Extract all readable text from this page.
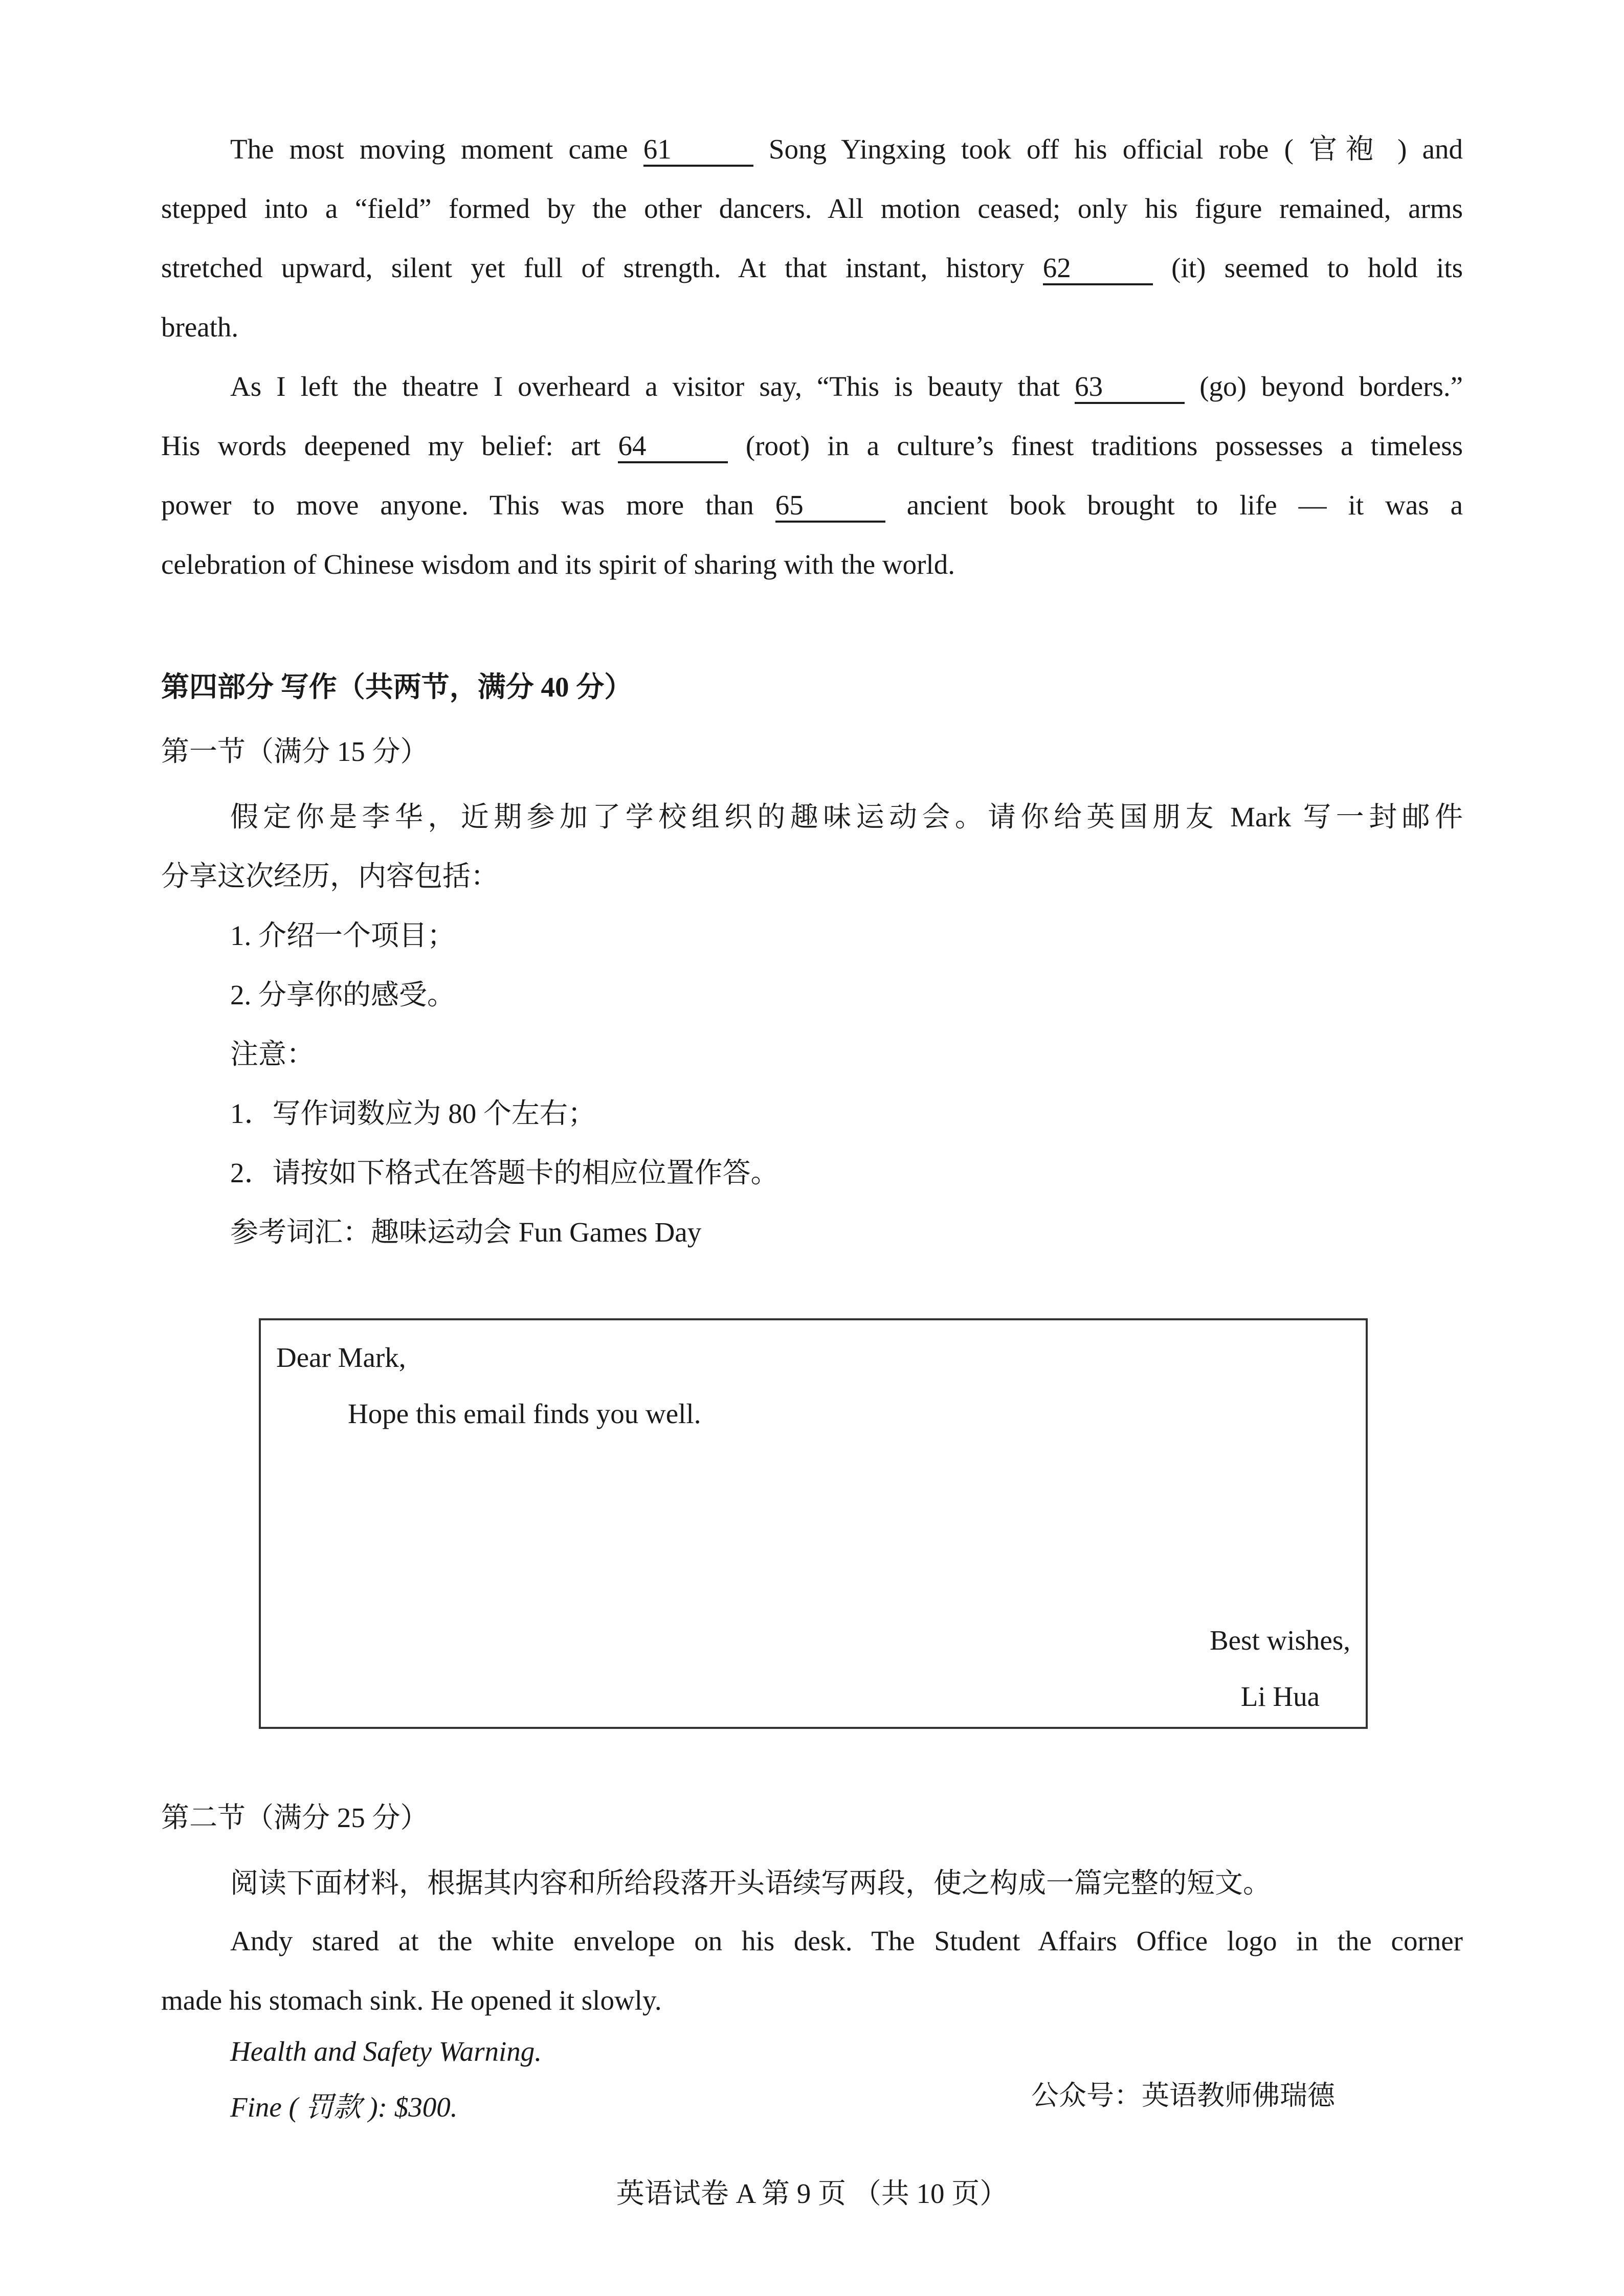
The most moving moment came 61	Song Yingxing took off his official robe ( 官袍 ) and
stepped into a “field” formed by the other dancers. All motion ceased; only his figure remained, arms
stretched upward, silent yet full of strength. At that instant, history 62	(it) seemed to hold its
breath.
As I left the theatre I overheard a visitor say, “This is beauty that 63	(go) beyond borders.”
His words deepened my belief: art 64	(root) in a culture’s finest traditions possesses a timeless
power to move anyone. This was more than 65	ancient book brought to life — it was a
celebration of Chinese wisdom and its spirit of sharing with the world.
第四部分 写作（共两节，满分 40 分）
第一节（满分 15 分）
假定你是李华，近期参加了学校组织的趣味运动会。请你给英国朋友 Mark 写一封邮件
分享这次经历，内容包括：
1. 介绍一个项目；
2. 分享你的感受。
注意：
1．写作词数应为 80 个左右；
2．请按如下格式在答题卡的相应位置作答。
参考词汇：趣味运动会 Fun Games Day
Dear Mark,
Hope this email finds you well.
Best wishes,
Li Hua
第二节（满分 25 分）
阅读下面材料，根据其内容和所给段落开头语续写两段，使之构成一篇完整的短文。
Andy stared at the white envelope on his desk. The Student Affairs Office logo in the corner
made his stomach sink. He opened it slowly.
Health and Safety Warning.
Fine ( 罚款 ): $300.	公众号：英语教师佛瑞德
英语试卷 A 第 9 页 （共 10 页）
